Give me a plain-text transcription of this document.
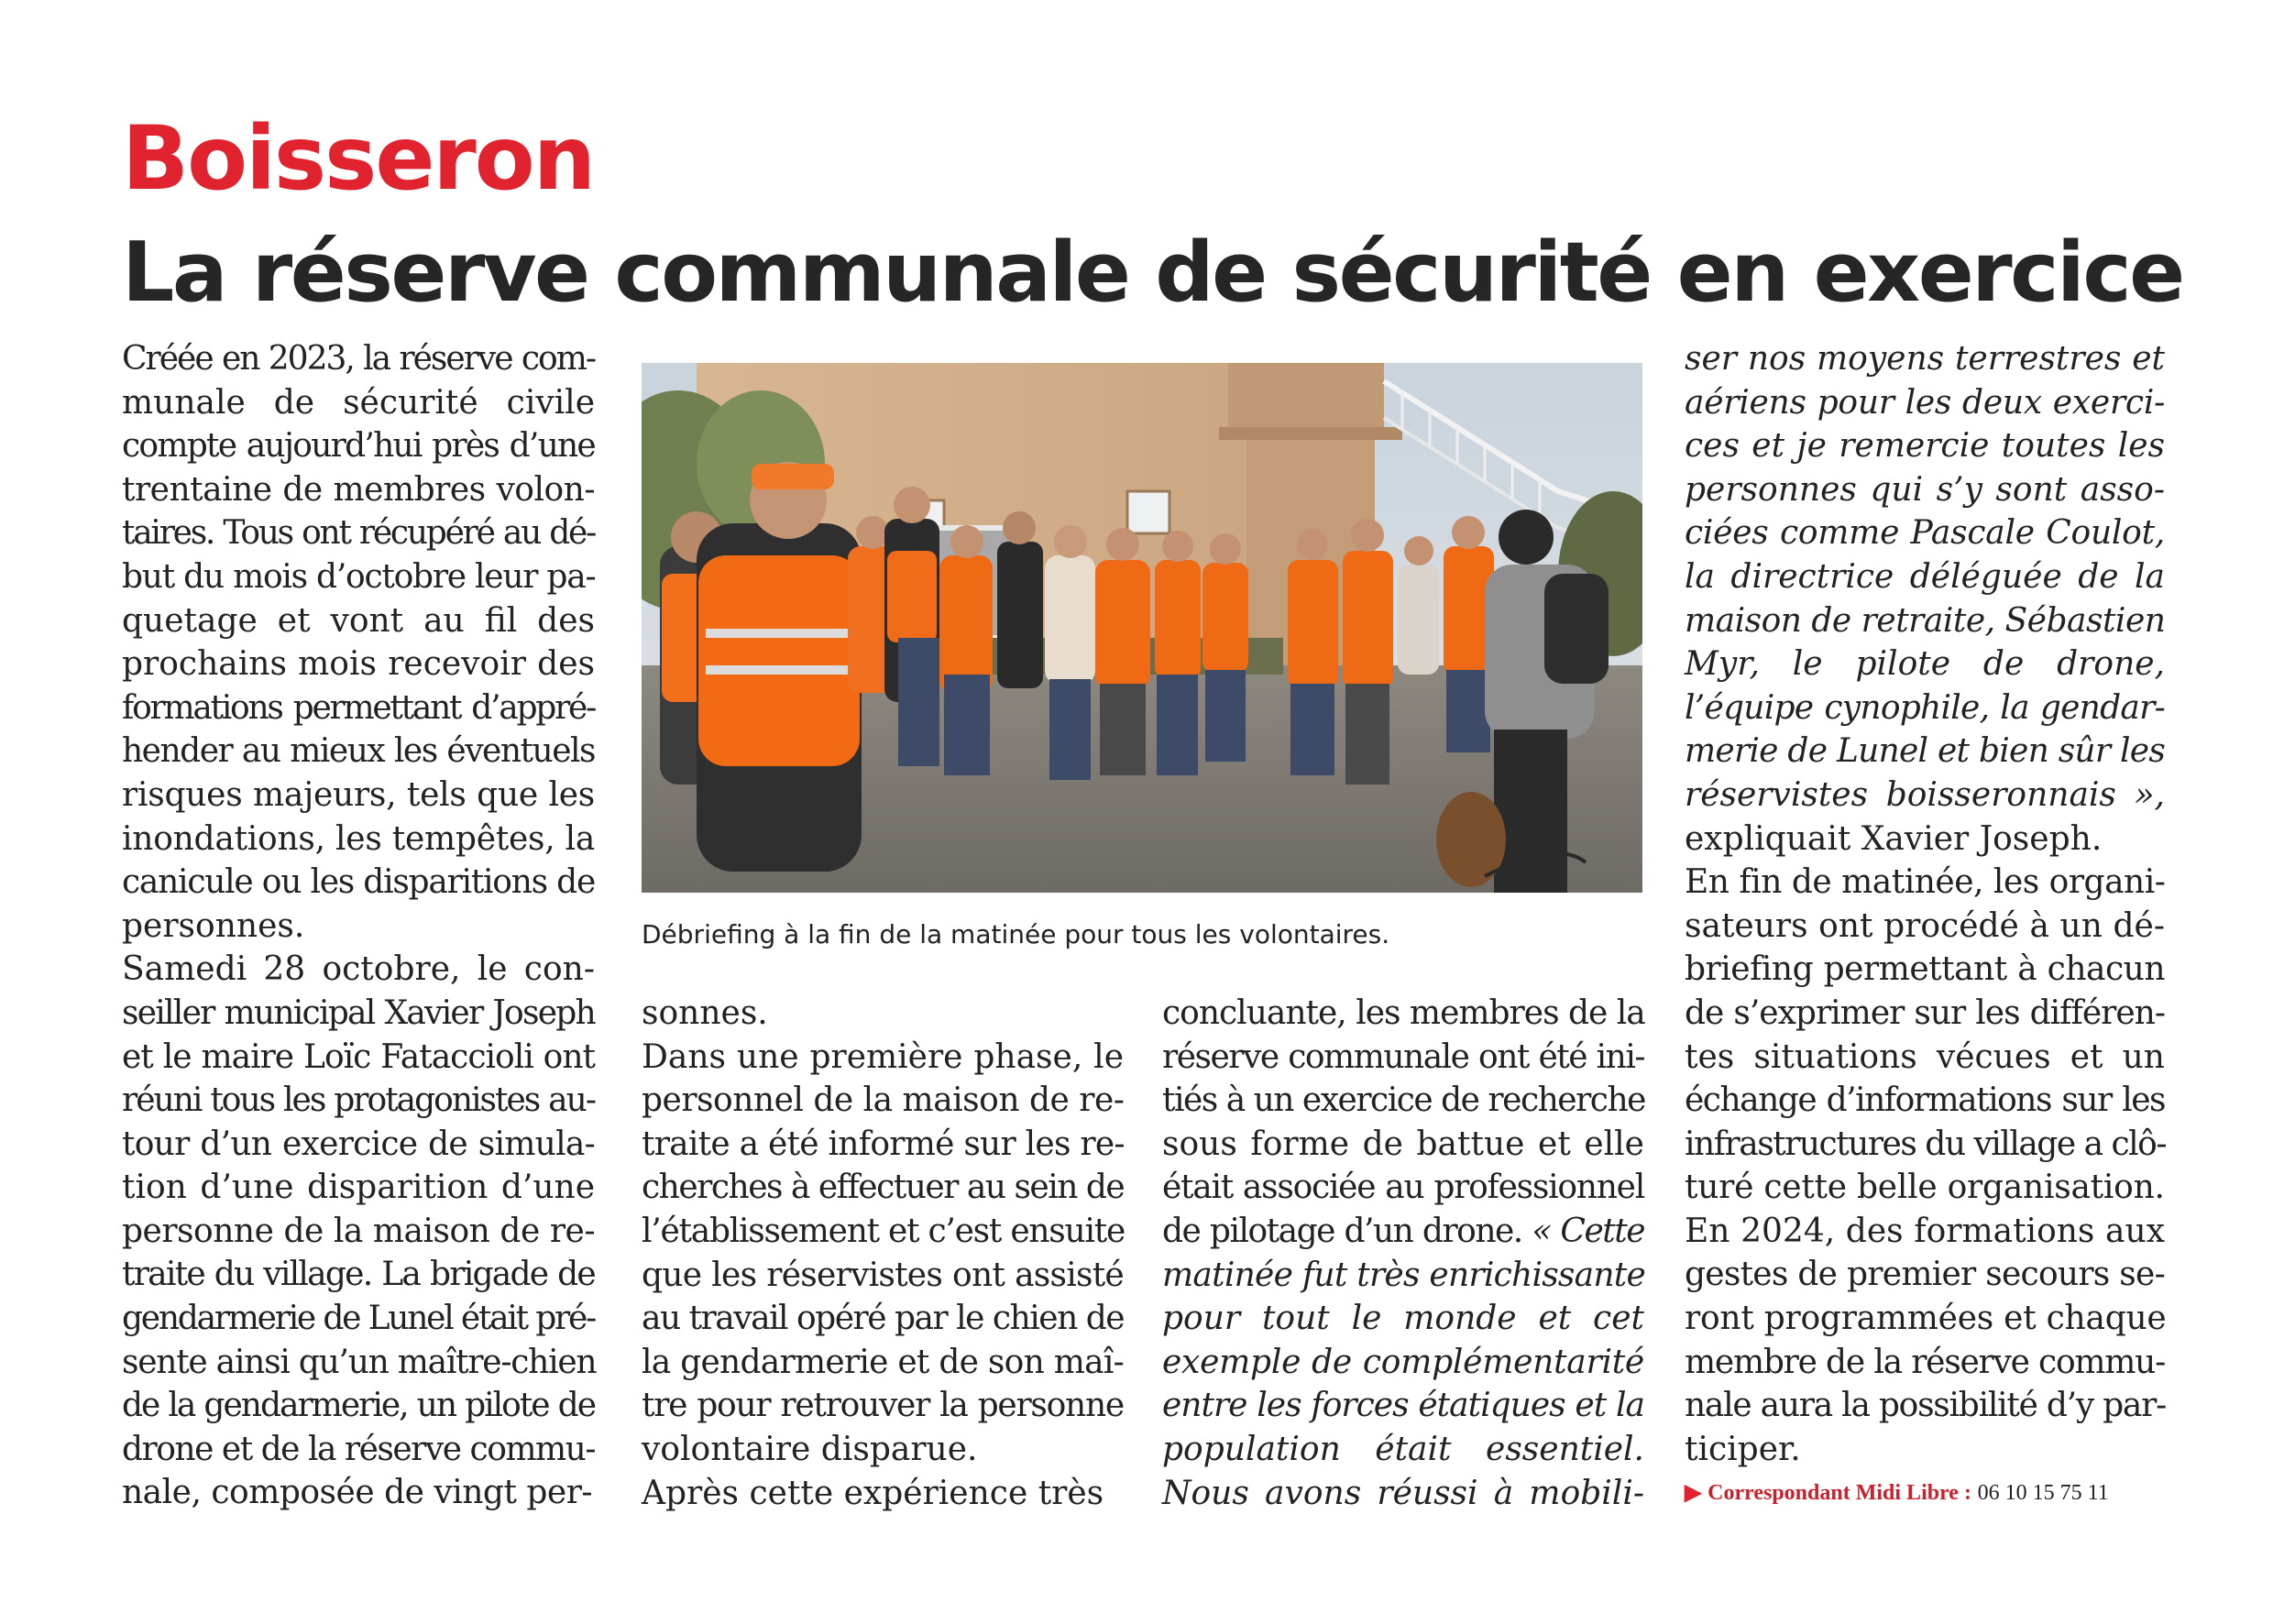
Boisseron
La réserve communale de sécurité en exercice
Créée en 2023, la réserve com-
munale de sécurité civile
compte aujourd’hui près d’une
trentaine de membres volon-
taires. Tous ont récupéré au dé-
but du mois d’octobre leur pa-
quetage et vont au fil des
prochains mois recevoir des
formations permettant d’appré-
hender au mieux les éventuels
risques majeurs, tels que les
inondations, les tempêtes, la
canicule ou les disparitions de
personnes.
Samedi 28 octobre, le con-
seiller municipal Xavier Joseph
et le maire Loïc Fataccioli ont
réuni tous les protagonistes au-
tour d’un exercice de simula-
tion d’une disparition d’une
personne de la maison de re-
traite du village. La brigade de
gendarmerie de Lunel était pré-
sente ainsi qu’un maître-chien
de la gendarmerie, un pilote de
drone et de la réserve commu-
nale, composée de vingt per-
Débriefing à la fin de la matinée pour tous les volontaires.
sonnes.
Dans une première phase, le
personnel de la maison de re-
traite a été informé sur les re-
cherches à effectuer au sein de
l’établissement et c’est ensuite
que les réservistes ont assisté
au travail opéré par le chien de
la gendarmerie et de son maî-
tre pour retrouver la personne
volontaire disparue.
Après cette expérience très
concluante, les membres de la
réserve communale ont été ini-
tiés à un exercice de recherche
sous forme de battue et elle
était associée au professionnel
de pilotage d’un drone. « Cette
matinée fut très enrichissante
pour tout le monde et cet
exemple de complémentarité
entre les forces étatiques et la
population était essentiel.
Nous avons réussi à mobili-
ser nos moyens terrestres et
aériens pour les deux exerci-
ces et je remercie toutes les
personnes qui s’y sont asso-
ciées comme Pascale Coulot,
la directrice déléguée de la
maison de retraite, Sébastien
Myr, le pilote de drone,
l’équipe cynophile, la gendar-
merie de Lunel et bien sûr les
réservistes boisseronnais »,
expliquait Xavier Joseph.
En fin de matinée, les organi-
sateurs ont procédé à un dé-
briefing permettant à chacun
de s’exprimer sur les différen-
tes situations vécues et un
échange d’informations sur les
infrastructures du village a clô-
turé cette belle organisation.
En 2024, des formations aux
gestes de premier secours se-
ront programmées et chaque
membre de la réserve commu-
nale aura la possibilité d’y par-
ticiper.
▶ Correspondant Midi Libre : 06 10 15 75 11
